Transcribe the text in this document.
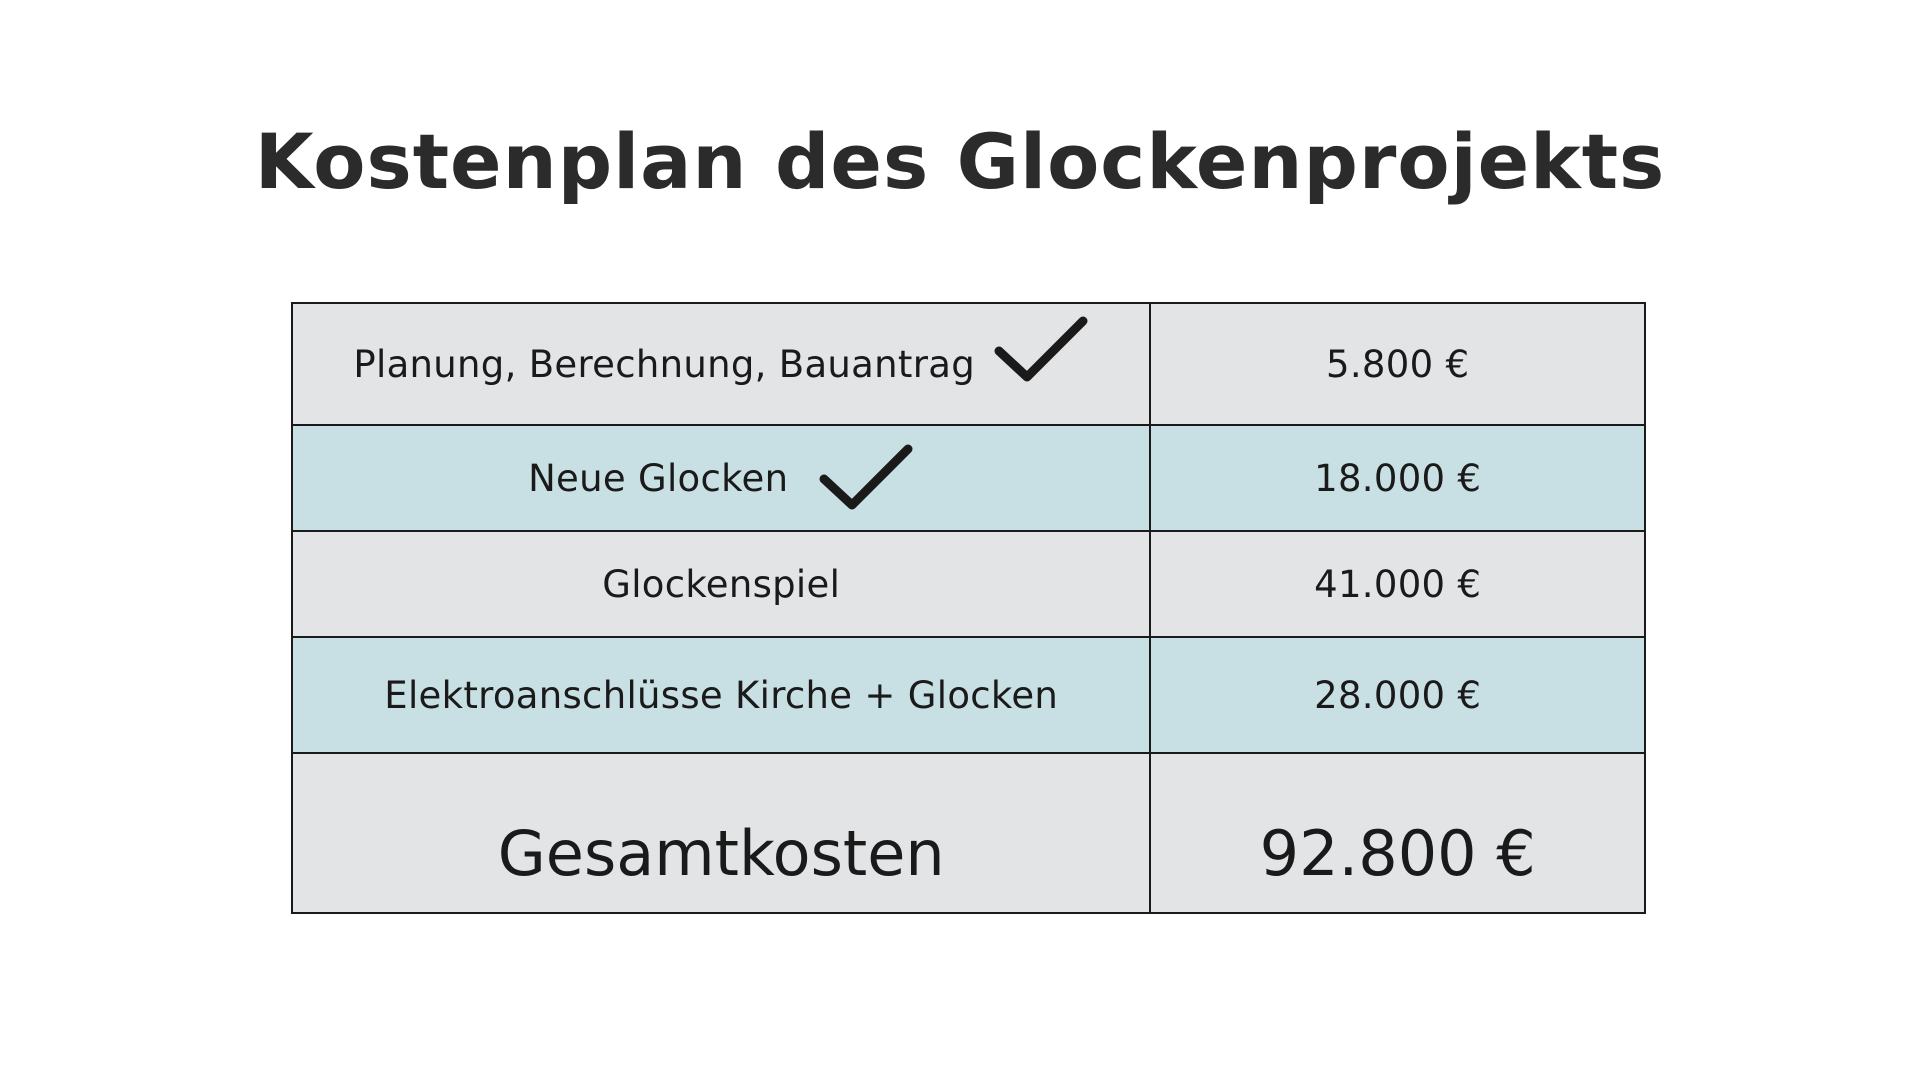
Kostenplan des Glockenprojekts
Planung, Berechnung, Bauantrag	5.800 €
Neue Glocken	18.000 €
Glockenspiel	41.000 €
Elektroanschlüsse Kirche + Glocken	28.000 €
Gesamtkosten	92.800 €
